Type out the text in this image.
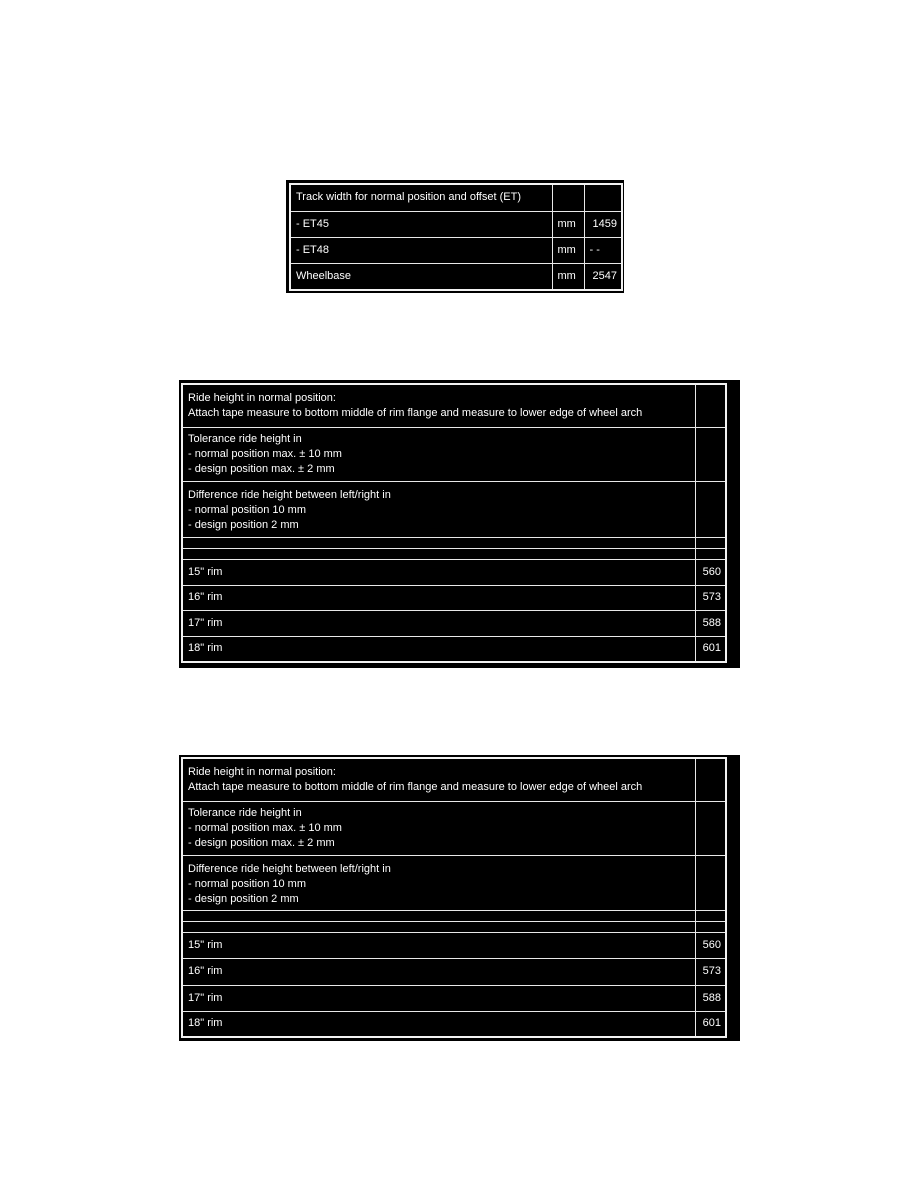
Track width for normal position and offset (ET)		
- ET45	mm	1459
- ET48	mm	- -
Wheelbase	mm	2547
Ride height in normal position:
Attach tape measure to bottom middle of rim flange and measure to lower edge of wheel arch	

Tolerance ride height in
- normal position max. ± 10 mm
- design position max. ± 2 mm	

Difference ride height between left/right in
- normal position 10 mm
- design position 2 mm	

15" rim	560
16" rim	573
17" rim	588
18" rim	601
Ride height in normal position:
Attach tape measure to bottom middle of rim flange and measure to lower edge of wheel arch	

Tolerance ride height in
- normal position max. ± 10 mm
- design position max. ± 2 mm	

Difference ride height between left/right in
- normal position 10 mm
- design position 2 mm	

15" rim	560
16" rim	573
17" rim	588
18" rim	601
